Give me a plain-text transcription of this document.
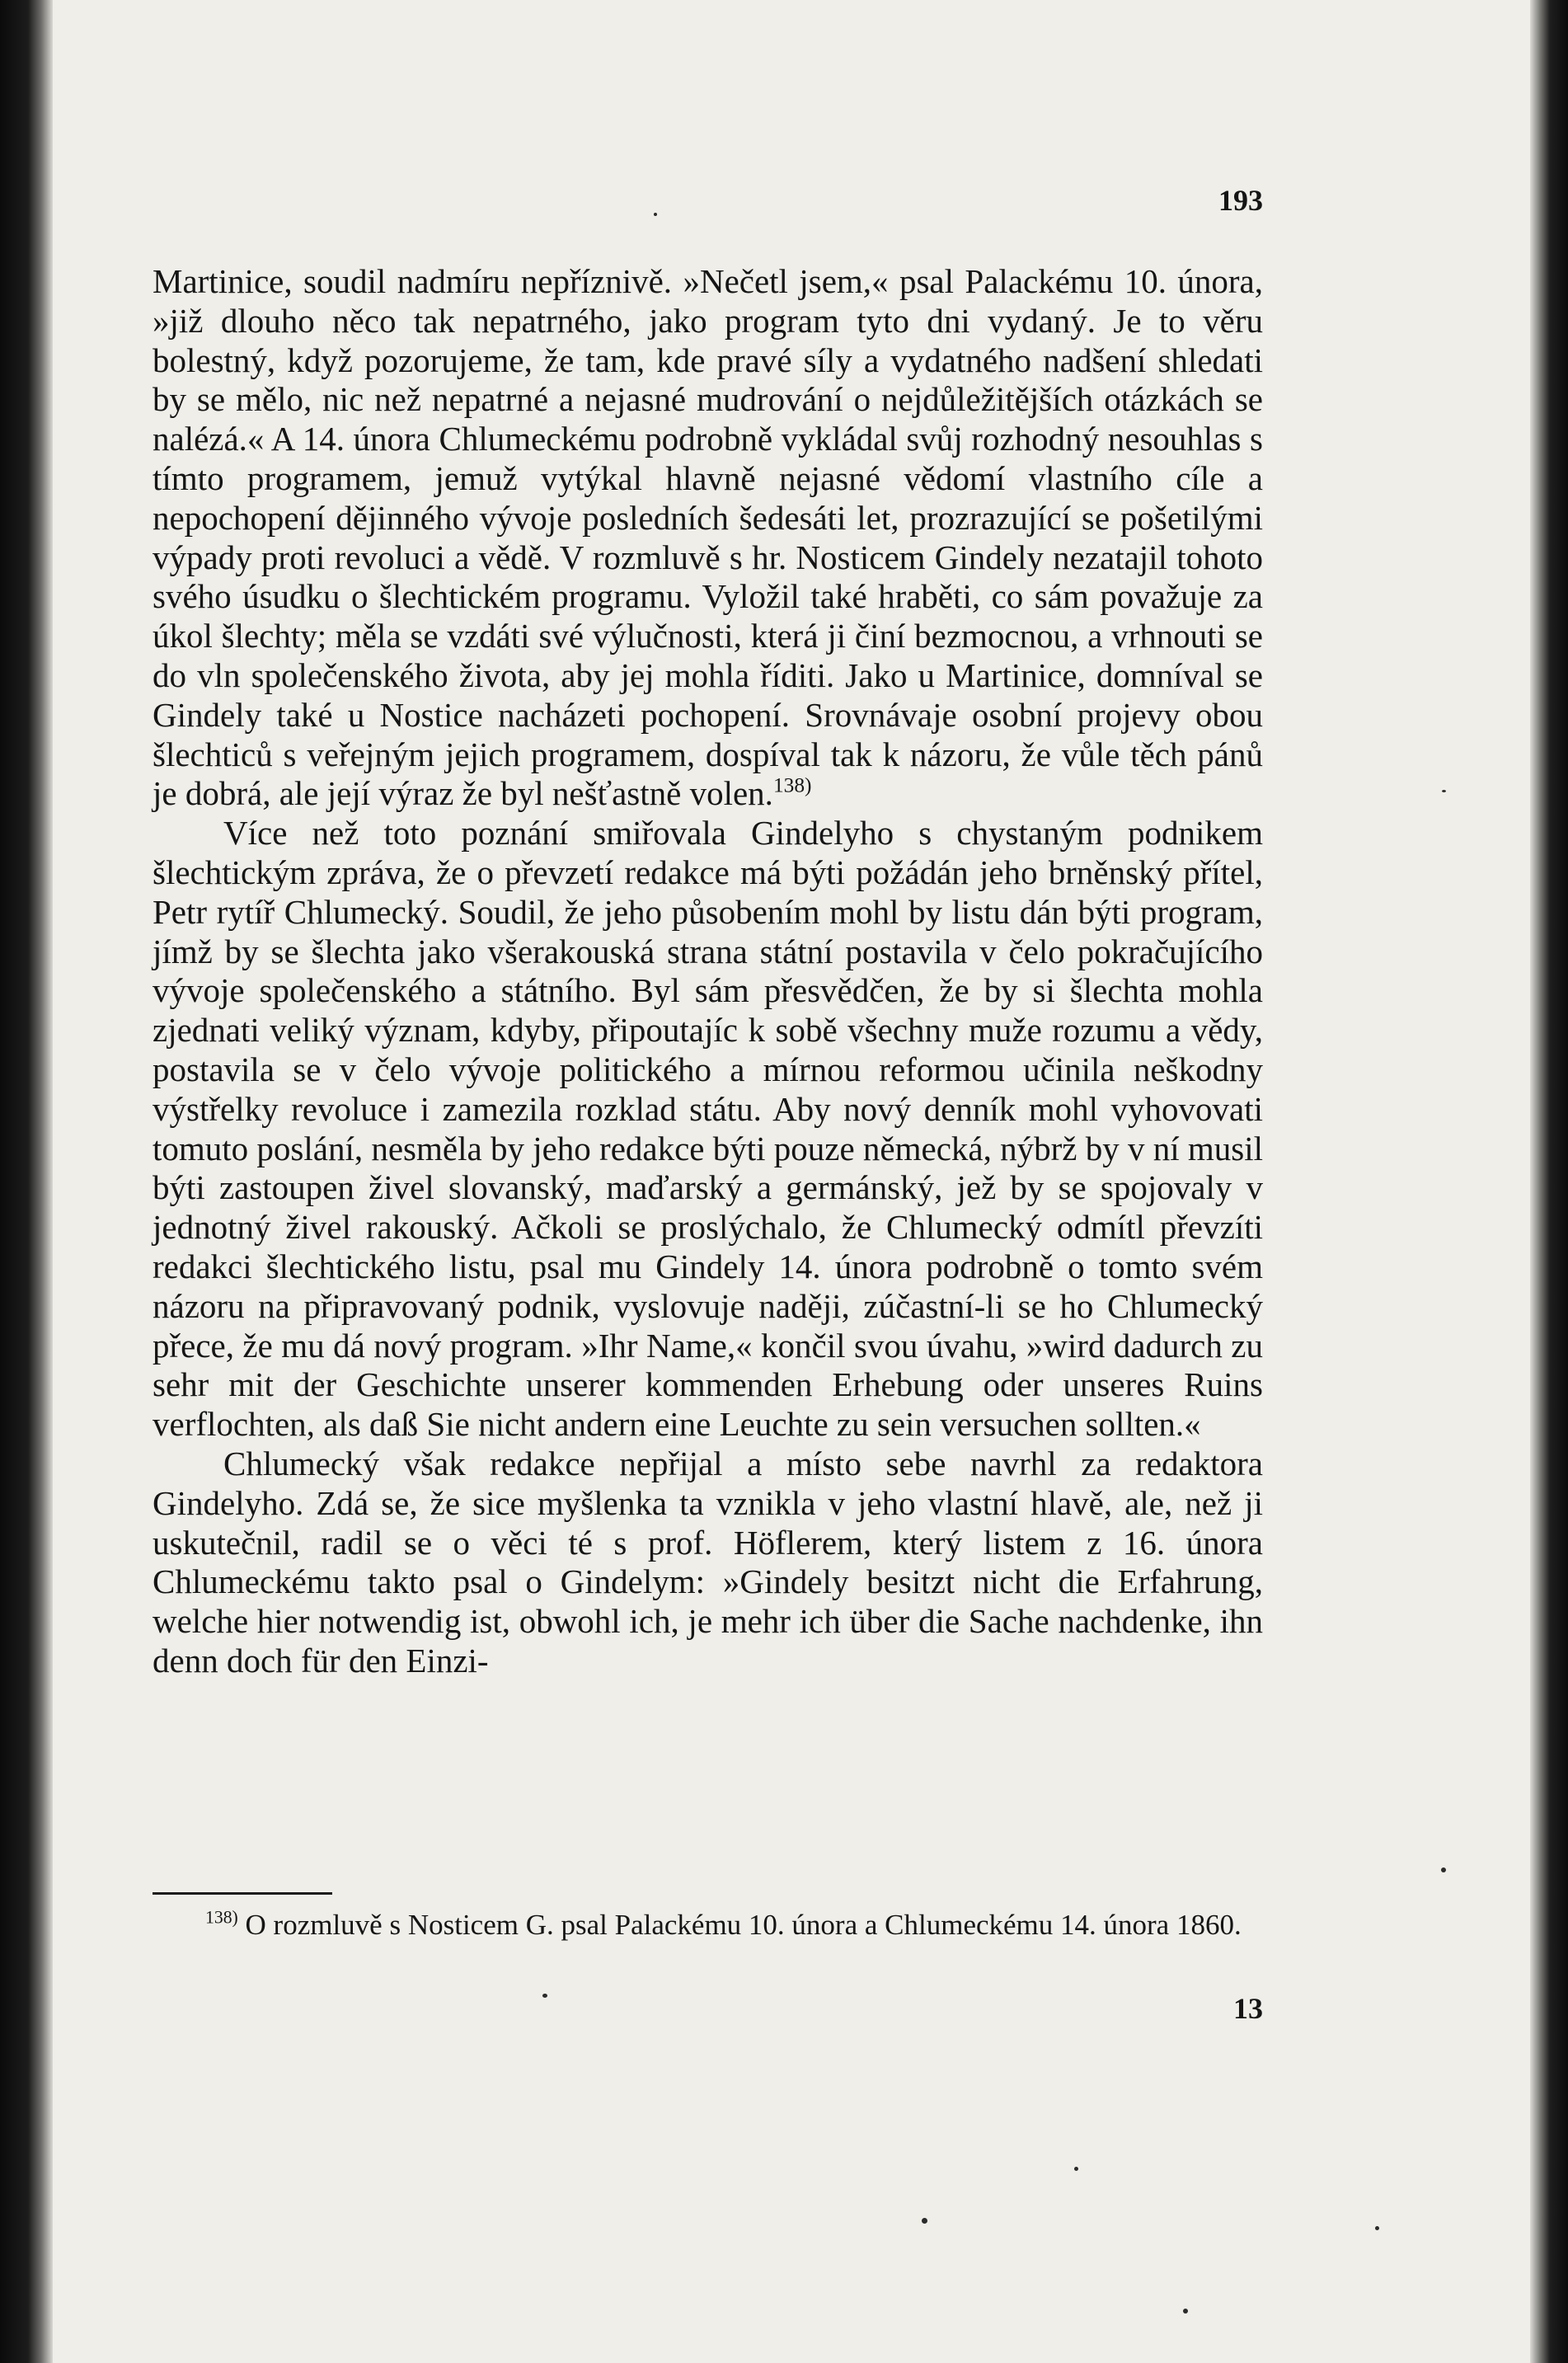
193

Martinice, soudil nadmíru nepříznivě. »Nečetl jsem,« psal Palackému 10. února, »již dlouho něco tak nepatrného, jako program tyto dni vydaný. Je to věru bolestný, když pozorujeme, že tam, kde pravé síly a vydatného nadšení shledati by se mělo, nic než nepatrné a nejasné mudrování o nejdůležitějších otázkách se nalézá.« A 14. února Chlumeckému podrobně vykládal svůj rozhodný nesouhlas s tímto programem, jemuž vytýkal hlavně nejasné vědomí vlastního cíle a nepochopení dějinného vývoje posledních šedesáti let, prozrazující se pošetilými výpady proti revoluci a vědě. V rozmluvě s hr. Nosticem Gindely nezatajil tohoto svého úsudku o šlechtickém programu. Vyložil také hraběti, co sám považuje za úkol šlechty; měla se vzdáti své výlučnosti, která ji činí bezmocnou, a vrhnouti se do vln společenského života, aby jej mohla říditi. Jako u Martinice, domníval se Gindely také u Nostice nacházeti pochopení. Srovnávaje osobní projevy obou šlechticů s veřejným jejich programem, dospíval tak k názoru, že vůle těch pánů je dobrá, ale její výraz že byl nešťastně volen.$^{138)}$

Více než toto poznání smiřovala Gindelyho s chystaným podnikem šlechtickým zpráva, že o převzetí redakce má býti požádán jeho brněnský přítel, Petr rytíř Chlumecký. Soudil, že jeho působením mohl by listu dán býti program, jímž by se šlechta jako všerakouská strana státní postavila v čelo pokračujícího vývoje společenského a státního. Byl sám přesvědčen, že by si šlechta mohla zjednati veliký význam, kdyby, připoutajíc k sobě všechny muže rozumu a vědy, postavila se v čelo vývoje politického a mírnou reformou učinila neškodny výstřelky revoluce i zamezila rozklad státu. Aby nový denník mohl vyhovovati tomuto poslání, nesměla by jeho redakce býti pouze německá, nýbrž by v ní musil býti zastoupen živel slovanský, maďarský a germánský, jež by se spojovaly v jednotný živel rakouský. Ačkoli se proslýchalo, že Chlumecký odmítl převzíti redakci šlechtického listu, psal mu Gindely 14. února podrobně o tomto svém názoru na připravovaný podnik, vyslovuje naději, zúčastní-li se ho Chlumecký přece, že mu dá nový program. »Ihr Name,« končil svou úvahu, »wird dadurch zu sehr mit der Geschichte unserer kommenden Erhebung oder unseres Ruins verflochten, als daß Sie nicht andern eine Leuchte zu sein versuchen sollten.«

Chlumecký však redakce nepřijal a místo sebe navrhl za redaktora Gindelyho. Zdá se, že sice myšlenka ta vznikla v jeho vlastní hlavě, ale, než ji uskutečnil, radil se o věci té s prof. Höflerem, který listem z 16. února Chlumeckému takto psal o Gindelym: »Gindely besitzt nicht die Erfahrung, welche hier notwendig ist, obwohl ich, je mehr ich über die Sache nachdenke, ihn denn doch für den Einzi-

$^{138)}$ O rozmluvě s Nosticem G. psal Palackému 10. února a Chlumeckému 14. února 1860.
13
